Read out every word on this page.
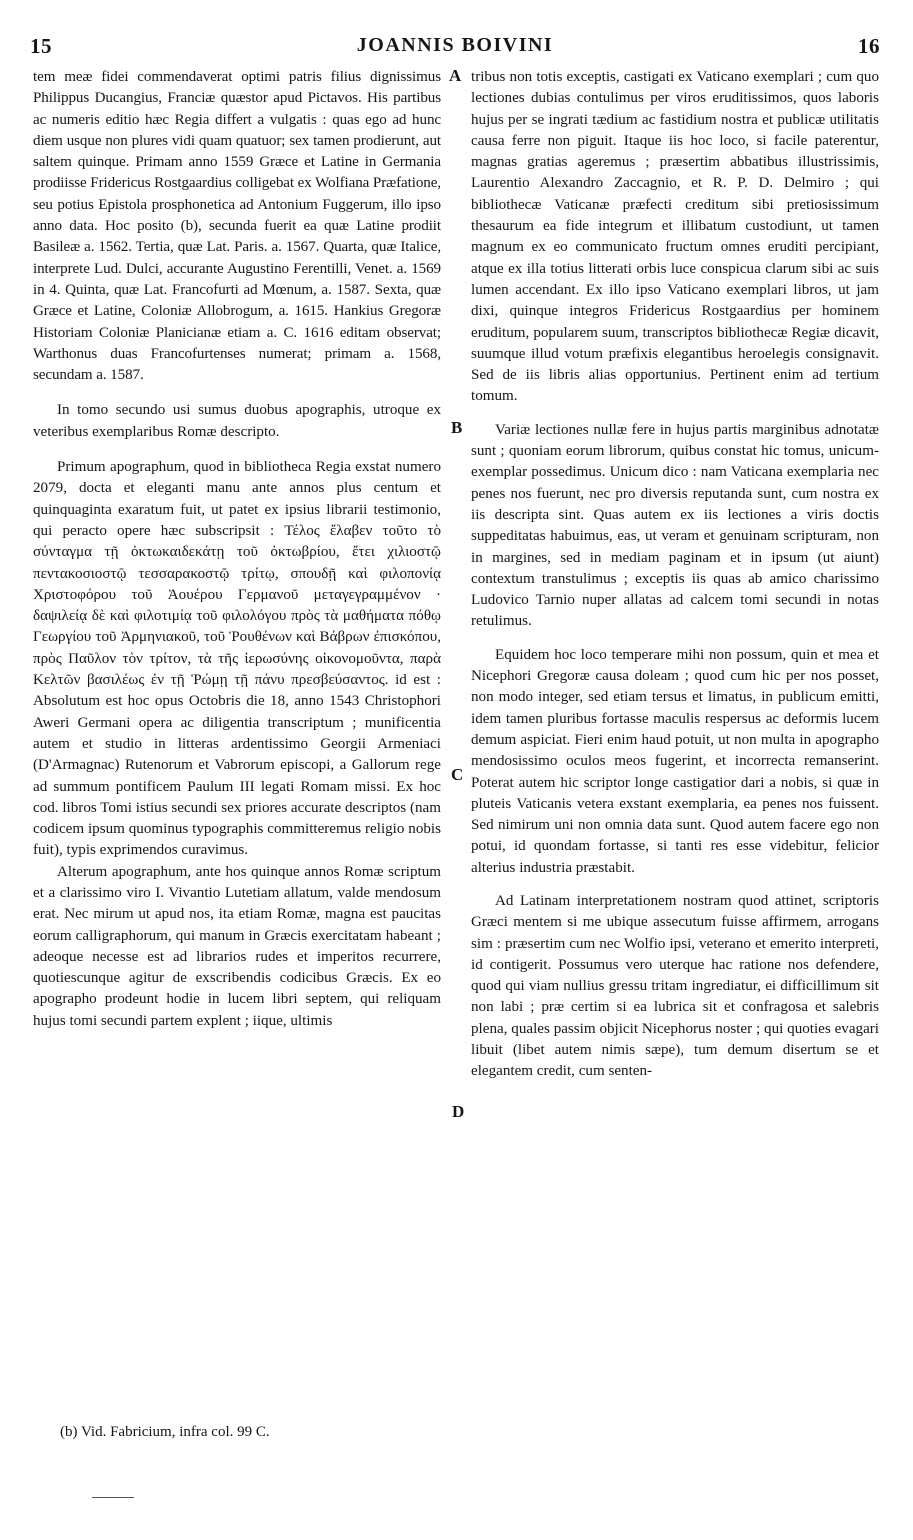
15	JOANNIS BOIVINI	16

tem meæ fidei commendaverat optimi patris filius dignissimus Philippus Ducangius, Franciæ quæstor apud Pictavos. His partibus ac numeris editio hæc Regia differt a vulgatis : quas ego ad hunc diem usque non plures vidi quam quatuor; sex tamen prodierunt, aut saltem quinque. Primam anno 1559 Græce et Latine in Germania prodiisse Fridericus Rostgaardius colligebat ex Wolfiana Præfatione, seu potius Epistola prosphonetica ad Antonium Fuggerum, illo ipso anno data. Hoc posito (b), secunda fuerit ea quæ Latine prodiit Basileæ a. 1562. Tertia, quæ Lat. Paris. a. 1567. Quarta, quæ Italice, interprete Lud. Dulci, accurante Augustino Ferentilli, Venet. a. 1569 in 4. Quinta, quæ Lat. Francofurti ad Mœnum, a. 1587. Sexta, quæ Græce et Latine, Coloniæ Allobrogum, a. 1615. Hankius Gregoræ Historiam Coloniæ Planicianæ etiam a. C. 1616 editam observat; Warthonus duas Francofurtenses numerat; primam a. 1568, secundam a. 1587.

In tomo secundo usi sumus duobus apographis, utroque ex veteribus exemplaribus Romæ descripto.

Primum apographum, quod in bibliotheca Regia exstat numero 2079, docta et eleganti manu ante annos plus centum et quinquaginta exaratum fuit, ut patet ex ipsius librarii testimonio, qui peracto opere hæc subscripsit : Τέλος ἔλαβεν τοῦτο τὸ σύνταγμα τῇ ὀκτωκαιδεκάτῃ τοῦ ὀκτωβρίου, ἔτει χιλιοστῷ πεντακοσιοστῷ τεσσαρακοστῷ τρίτῳ, σπουδῇ καὶ φιλοπονίᾳ Χριστοφόρου τοῦ Ἀουέρου Γερμανοῦ μεταγεγραμμένον · δαψιλείᾳ δὲ καὶ φιλοτιμίᾳ τοῦ φιλολόγου πρὸς τὰ μαθήματα πόθῳ Γεωργίου τοῦ Ἀρμηνιακοῦ, τοῦ Ῥουθένων καὶ Βάβρων ἐπισκόπου, πρὸς Παῦλον τὸν τρίτον, τὰ τῆς ἱερωσύνης οἰκονομοῦντα, παρὰ Κελτῶν βασιλέως ἐν τῇ Ῥώμῃ τῇ πάνυ πρεσβεύσαντος. id est : Absolutum est hoc opus Octobris die 18, anno 1543 Christophori Aweri Germani opera ac diligentia transcriptum ; munificentia autem et studio in litteras ardentissimo Georgii Armeniaci (D'Armagnac) Rutenorum et Vabrorum episcopi, a Gallorum rege ad summum pontificem Paulum III legati Romam missi. Ex hoc cod. libros Tomi istius secundi sex priores accurate descriptos (nam codicem ipsum quominus typographis committeremus religio nobis fuit), typis exprimendos curavimus.

Alterum apographum, ante hos quinque annos Romæ scriptum et a clarissimo viro I. Vivantio Lutetiam allatum, valde mendosum erat. Nec mirum ut apud nos, ita etiam Romæ, magna est paucitas eorum calligraphorum, qui manum in Græcis exercitatam habeant ; adeoque necesse est ad librarios rudes et imperitos recurrere, quotiescunque agitur de exscribendis codicibus Græcis. Ex eo apographo prodeunt hodie in lucem libri septem, qui reliquam hujus tomi secundi partem explent ; iique, ultimis

A
B
C
D

tribus non totis exceptis, castigati ex Vaticano exemplari ; cum quo lectiones dubias contulimus per viros eruditissimos, quos laboris hujus per se ingrati tædium ac fastidium nostra et publicæ utilitatis causa ferre non piguit. Itaque iis hoc loco, si facile paterentur, magnas gratias ageremus ; præsertim abbatibus illustrissimis, Laurentio Alexandro Zaccagnio, et R. P. D. Delmiro ; qui bibliothecæ Vaticanæ præfecti creditum sibi pretiosissimum thesaurum ea fide integrum et illibatum custodiunt, ut tamen magnum ex eo communicato fructum omnes eruditi percipiant, atque ex illa totius litterati orbis luce conspicua clarum sibi ac suis lumen accendant. Ex illo ipso Vaticano exemplari libros, ut jam dixi, quinque integros Fridericus Rostgaardius per hominem eruditum, popularem suum, transcriptos bibliothecæ Regiæ dicavit, suumque illud votum præfixis elegantibus heroelegis consignavit. Sed de iis libris alias opportunius. Pertinent enim ad tertium tomum.

Variæ lectiones nullæ fere in hujus partis marginibus adnotatæ sunt ; quoniam eorum librorum, quibus constat hic tomus, unicum-exemplar possedimus. Unicum dico : nam Vaticana exemplaria nec penes nos fuerunt, nec pro diversis reputanda sunt, cum nostra ex iis descripta sint. Quas autem ex iis lectiones a viris doctis suppeditatas habuimus, eas, ut veram et genuinam scripturam, non in margines, sed in mediam paginam et in ipsum (ut aiunt) contextum transtulimus ; exceptis iis quas ab amico charissimo Ludovico Tarnio nuper allatas ad calcem tomi secundi in notas retulimus.

Equidem hoc loco temperare mihi non possum, quin et mea et Nicephori Gregoræ causa doleam ; quod cum hic per nos posset, non modo integer, sed etiam tersus et limatus, in publicum emitti, idem tamen pluribus fortasse maculis respersus ac deformis lucem demum aspiciat. Fieri enim haud potuit, ut non multa in apographo mendosissimo oculos meos fugerint, et incorrecta remanserint. Poterat autem hic scriptor longe castigatior dari a nobis, si quæ in pluteis Vaticanis vetera exstant exemplaria, ea penes nos fuissent. Sed nimirum uni non omnia data sunt. Quod autem facere ego non potui, id quondam fortasse, si tanti res esse videbitur, felicior alterius industria præstabit.

Ad Latinam interpretationem nostram quod attinet, scriptoris Græci mentem si me ubique assecutum fuisse affirmem, arrogans sim : præsertim cum nec Wolfio ipsi, veterano et emerito interpreti, id contigerit. Possumus vero uterque hac ratione nos defendere, quod qui viam nullius gressu tritam ingrediatur, ei difficillimum sit non labi ; præ certim si ea lubrica sit et confragosa et salebris plena, quales passim objicit Nicephorus noster ; qui quoties evagari libuit (libet autem nimis sæpe), tum demum disertum se et elegantem credit, cum senten-

(b) Vid. Fabricium, infra col. 99 C.
